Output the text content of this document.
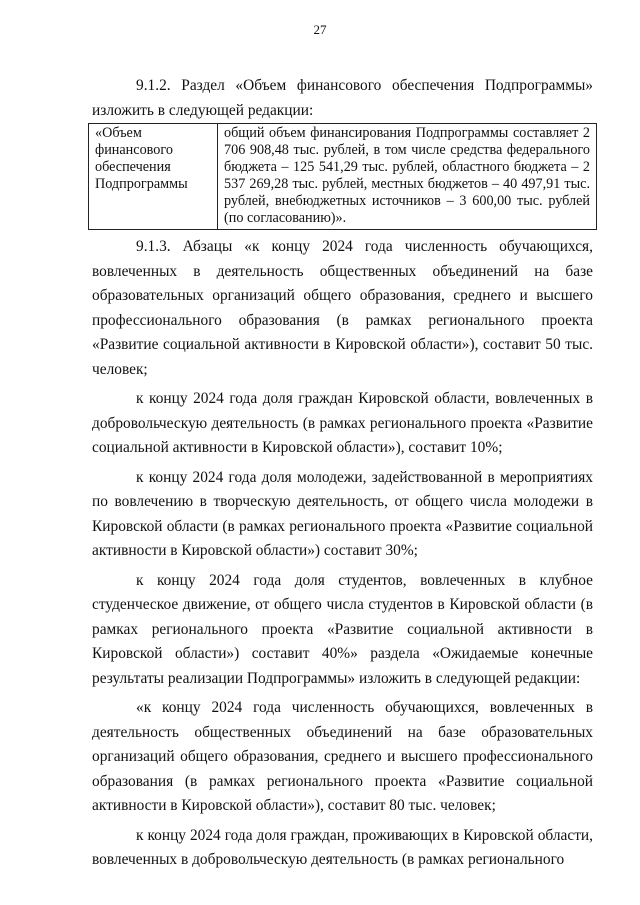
27

9.1.2. Раздел «Объем финансового обеспечения Подпрограммы» изложить в следующей редакции:

«Объем финансового обеспечения Подпрограммы	общий объем финансирования Подпрограммы составляет 2 706 908,48 тыс. рублей, в том числе средства федерального бюджета – 125 541,29 тыс. рублей, областного бюджета – 2 537 269,28 тыс. рублей, местных бюджетов – 40 497,91 тыс. рублей, внебюджетных источников – 3 600,00 тыс. рублей (по согласованию)».

9.1.3. Абзацы «к концу 2024 года численность обучающихся, вовлеченных в деятельность общественных объединений на базе образовательных организаций общего образования, среднего и высшего профессионального образования (в рамках регионального проекта «Развитие социальной активности в Кировской области»), составит 50 тыс. человек;

к концу 2024 года доля граждан Кировской области, вовлеченных в добровольческую деятельность (в рамках регионального проекта «Развитие социальной активности в Кировской области»), составит 10%;

к концу 2024 года доля молодежи, задействованной в мероприятиях по вовлечению в творческую деятельность, от общего числа молодежи в Кировской области (в рамках регионального проекта «Развитие социальной активности в Кировской области») составит 30%;

к концу 2024 года доля студентов, вовлеченных в клубное студенческое движение, от общего числа студентов в Кировской области (в рамках регионального проекта «Развитие социальной активности в Кировской области») составит 40%» раздела «Ожидаемые конечные результаты реализации Подпрограммы» изложить в следующей редакции:

«к концу 2024 года численность обучающихся, вовлеченных в деятельность общественных объединений на базе образовательных организаций общего образования, среднего и высшего профессионального образования (в рамках регионального проекта «Развитие социальной активности в Кировской области»), составит 80 тыс. человек;

к концу 2024 года доля граждан, проживающих в Кировской области, вовлеченных в добровольческую деятельность (в рамках регионального
